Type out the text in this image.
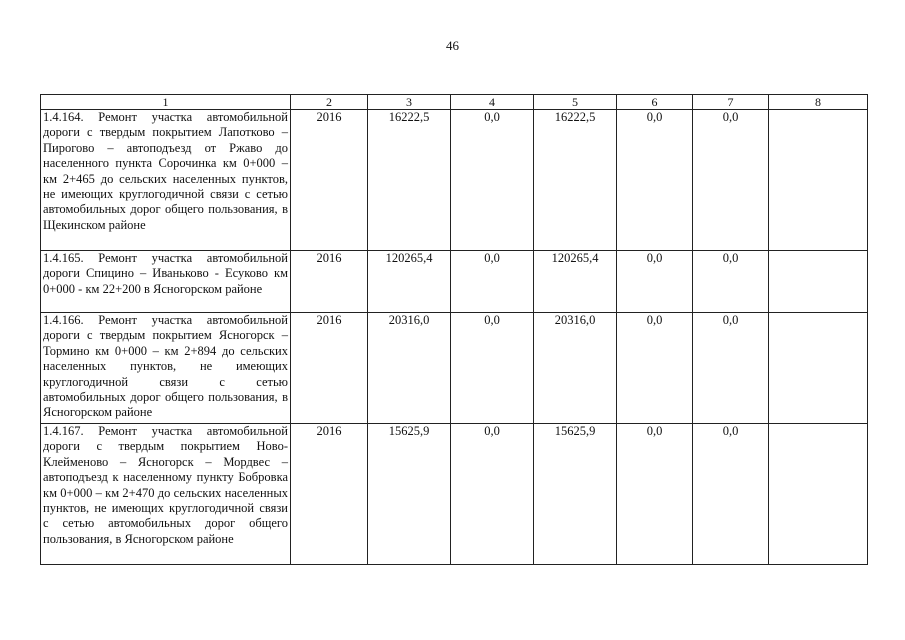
46
1	2	3	4	5	6	7	8
1.4.164. Ремонт участка автомобильной дороги с твердым покрытием Лапотково – Пирогово – автоподъезд от Ржаво до населенного пункта Сорочинка км 0+000 – км 2+465 до сельских населенных пунктов, не имеющих круглогодичной связи с сетью автомобильных дорог общего пользования, в Щекинском районе	2016	16222,5	0,0	16222,5	0,0	0,0	
1.4.165. Ремонт участка автомобильной дороги Спицино – Иваньково - Есуково км 0+000 - км 22+200 в Ясногорском районе	2016	120265,4	0,0	120265,4	0,0	0,0	
1.4.166. Ремонт участка автомобильной дороги с твердым покрытием Ясногорск – Тормино км 0+000 – км 2+894 до сельских населенных пунктов, не имеющих круглогодичной связи с сетью автомобильных дорог общего пользования, в Ясногорском районе	2016	20316,0	0,0	20316,0	0,0	0,0	
1.4.167. Ремонт участка автомобильной дороги с твердым покрытием Ново-Клейменово – Ясногорск – Мордвес – автоподъезд к населенному пункту Бобровка км 0+000 – км 2+470 до сельских населенных пунктов, не имеющих круглогодичной связи с сетью автомобильных дорог общего пользования, в Ясногорском районе	2016	15625,9	0,0	15625,9	0,0	0,0	
